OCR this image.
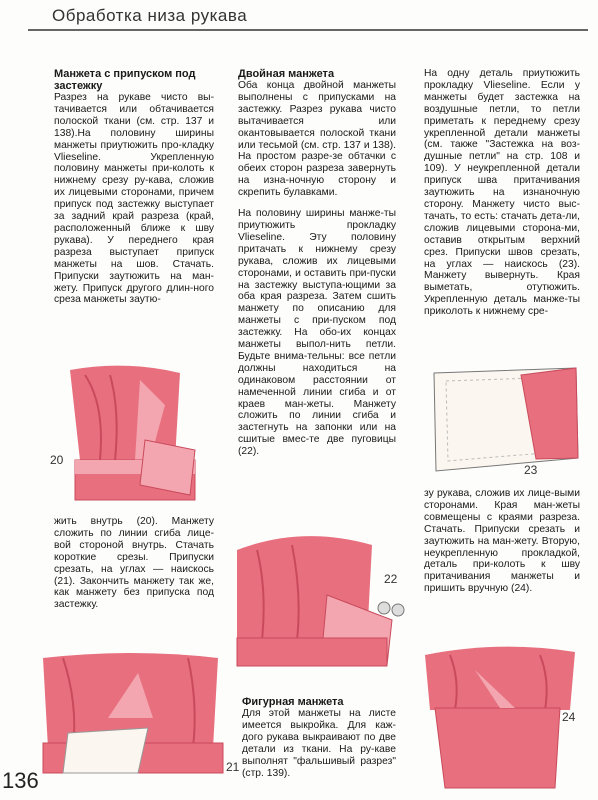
Обработка низа рукава
Манжета с припуском под застежку

Разрез на рукаве чисто вы-тачивается или обтачивается полоской ткани (см. стр. 137 и 138).На половину ширины манжеты приутюжить про-кладку Vlieseline. Укрепленную половину манжеты при-колоть к нижнему срезу ру-кава, сложив их лицевыми сторонами, причем припуск под застежку выступает за задний край разреза (край, расположенный ближе к шву рукава). У переднего края разреза выступает припуск манжеты на шов. Стачать. Припуски заутюжить на ман-жету. Припуск другого длин-ного среза манжеты заутю-

жить внутрь (20). Манжету сложить по линии сгиба лице-вой стороной внутрь. Стачать короткие срезы. Припуски срезать, на углах — наискось (21). Закончить манжету так же, как манжету без припуска под застежку.

Двойная манжета

Оба конца двойной манжеты выполнены с припусками на застежку. Разрез рукава чисто вытачивается или окантовывается полоской ткани или тесьмой (см. стр. 137 и 138). На простом разре-зе обтачки с обеих сторон разреза завернуть на изна-ночную сторону и скрепить булавками.

На половину ширины манже-ты приутюжить прокладку Vlieseline. Эту половину притачать к нижнему срезу рукава, сложив их лицевыми сторонами, и оставить при-пуски на застежку выступа-ющими за оба края разреза. Затем сшить манжету по описанию для манжеты с при-пуском под застежку. На обо-их концах манжеты выпол-нить петли. Будьте внима-тельны: все петли должны находиться на одинаковом расстоянии от намеченной линии сгиба и от краев ман-жеты. Манжету сложить по линии сгиба и застегнуть на запонки или на сшитые вмес-те две пуговицы (22).

Фигурная манжета

Для этой манжеты на листе имеется выкройка. Для каж-дого рукава выкраивают по две детали из ткани. На ру-каве выполнят "фальшивый разрез" (стр. 139).

На одну деталь приутюжить прокладку Vlieseline. Если у манжеты будет застежка на воздушные петли, то петли приметать к переднему срезу укрепленной детали манжеты (см. также "Застежка на воз-душные петли" на стр. 108 и 109). У неукрепленной детали припуск шва притачивания заутюжить на изнаночную сторону. Манжету чисто выс-тачать, то есть: стачать дета-ли, сложив лицевыми сторона-ми, оставив открытым верхний срез. Припуски швов срезать, на углах — наискось (23). Манжету вывернуть. Края выметать, отутюжить. Укрепленную деталь манже-ты приколоть к нижнему сре-

зу рукава, сложив их лице-выми сторонами. Края ман-жеты совмещены с краями разреза. Стачать. Припуски срезать и заутюжить на ман-жету. Вторую, неукрепленную прокладкой, деталь при-колоть к шву притачивания манжеты и пришить вручную (24).

20
21
22
23
24
136
